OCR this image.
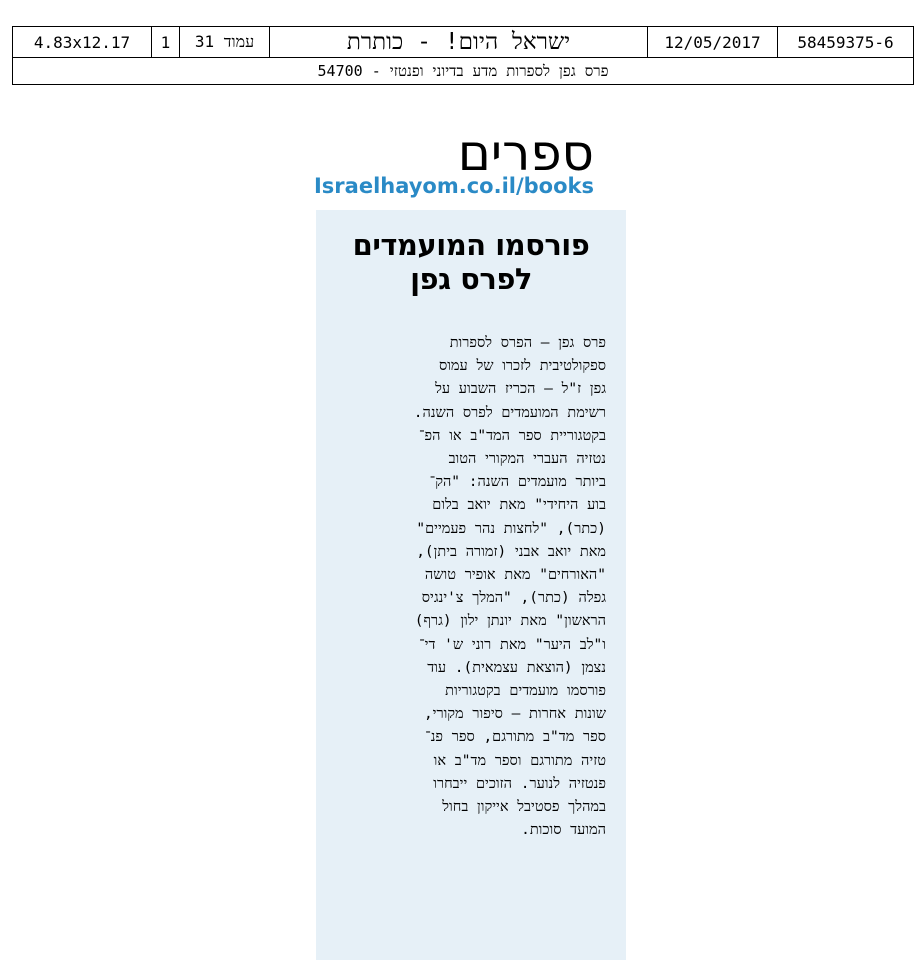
58459375-6
12/05/2017
ישראל היום! - כותרת
עמוד 31
1
4.83x12.17
פרס גפן לספרות מדע בדיוני ופנטזי - 54700
ספרים
Israelhayom.co.il/books
פורסמו המועמדים
לפרס גפן
פרס גפן – הפרס לספרות
ספקולטיבית לזכרו של עמוס
גפן ז"ל – הכריז השבוע על
רשימת המועמדים לפרס השנה.
בקטגוריית ספר המד"ב או הפ־
נטזיה העברי המקורי הטוב
ביותר מועמדים השנה: "הק־
בוע היחידי" מאת יואב בלום
(כתר), "לחצות נהר פעמיים"
מאת יואב אבני (זמורה ביתן),
"האורחים" מאת אופיר טושה
גפלה (כתר), "המלך צ'ינגיס
הראשון" מאת יונתן ילון (גרף)
ו"לב היער" מאת רוני ש' די־
נצמן (הוצאת עצמאית). עוד
פורסמו מועמדים בקטגוריות
שונות אחרות – סיפור מקורי,
ספר מד"ב מתורגם, ספר פנ־
טזיה מתורגם וספר מד"ב או
פנטזיה לנוער. הזוכים ייבחרו
במהלך פסטיבל אייקון בחול
המועד סוכות.
